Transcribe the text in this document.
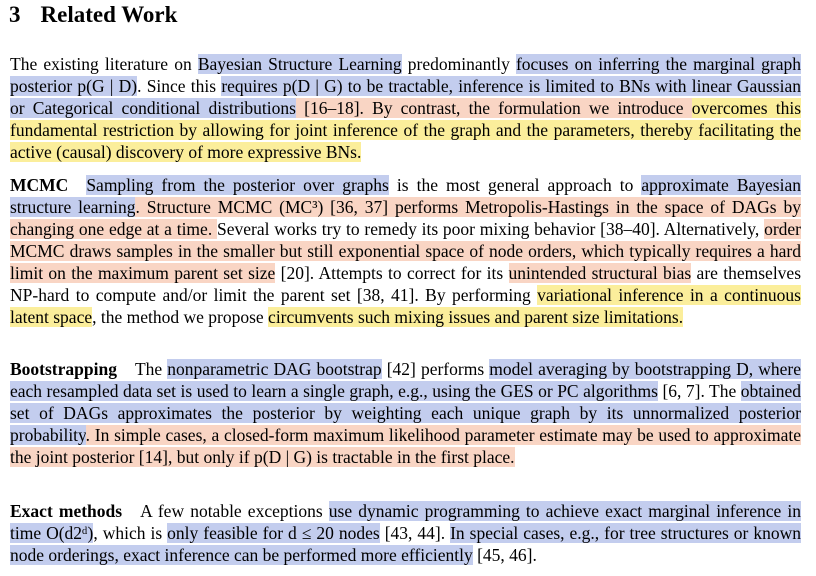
3 Related Work
The existing literature on Bayesian Structure Learning predominantly focuses on inferring the marginal graph posterior p(G | D). Since this requires p(D | G) to be tractable, inference is limited to BNs with linear Gaussian or Categorical conditional distributions [16–18]. By contrast, the formulation we introduce overcomes this fundamental restriction by allowing for joint inference of the graph and the parameters, thereby facilitating the active (causal) discovery of more expressive BNs.
MCMC Sampling from the posterior over graphs is the most general approach to approximate Bayesian structure learning. Structure MCMC (MC³) [36, 37] performs Metropolis-Hastings in the space of DAGs by changing one edge at a time. Several works try to remedy its poor mixing behavior [38–40]. Alternatively, order MCMC draws samples in the smaller but still exponential space of node orders, which typically requires a hard limit on the maximum parent set size [20]. Attempts to correct for its unintended structural bias are themselves NP-hard to compute and/or limit the parent set [38, 41]. By performing variational inference in a continuous latent space, the method we propose circumvents such mixing issues and parent size limitations.
Bootstrapping The nonparametric DAG bootstrap [42] performs model averaging by bootstrapping D, where each resampled data set is used to learn a single graph, e.g., using the GES or PC algorithms [6, 7]. The obtained set of DAGs approximates the posterior by weighting each unique graph by its unnormalized posterior probability. In simple cases, a closed-form maximum likelihood parameter estimate may be used to approximate the joint posterior [14], but only if p(D | G) is tractable in the first place.
Exact methods A few notable exceptions use dynamic programming to achieve exact marginal inference in time O(d2ᵈ), which is only feasible for d ≤ 20 nodes [43, 44]. In special cases, e.g., for tree structures or known node orderings, exact inference can be performed more efficiently [45, 46].
